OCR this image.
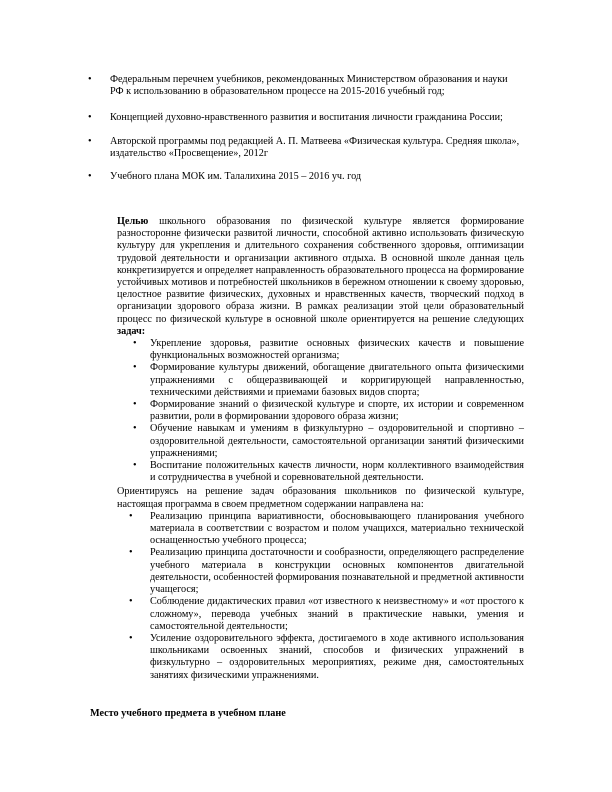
• Федеральным перечнем учебников, рекомендованных Министерством образования и науки РФ к использованию в образовательном процессе на 2015-2016 учебный год;
• Концепцией духовно-нравственного развития и воспитания личности гражданина России;
• Авторской программы под редакцией А. П. Матвеева «Физическая культура. Средняя школа», издательство «Просвещение», 2012г
• Учебного плана МОК им. Талалихина 2015 – 2016 уч. год

Целью школьного образования по физической культуре является формирование разносторонне физически развитой личности, способной активно использовать физическую культуру для укрепления и длительного сохранения собственного здоровья, оптимизации трудовой деятельности и организации активного отдыха. В основной школе данная цель конкретизируется и определяет направленность образовательного процесса на формирование устойчивых мотивов и потребностей школьников в бережном отношении к своему здоровью, целостное развитие физических, духовных и нравственных качеств, творческий подход в организации здорового образа жизни. В рамках реализации этой цели образовательный процесс по физической культуре в основной школе ориентируется на решение следующих задач:

• Укрепление здоровья, развитие основных физических качеств и повышение функциональных возможностей организма;
• Формирование культуры движений, обогащение двигательного опыта физическими упражнениями с общеразвивающей и корригирующей направленностью, техническими действиями и приемами базовых видов спорта;
• Формирование знаний о физической культуре и спорте, их истории и современном развитии, роли в формировании здорового образа жизни;
• Обучение навыкам и умениям в физкультурно – оздоровительной и спортивно – оздоровительной деятельности, самостоятельной организации занятий физическими упражнениями;
• Воспитание положительных качеств личности, норм коллективного взаимодействия и сотрудничества в учебной и соревновательной деятельности.

Ориентируясь на решение задач образования школьников по физической культуре, настоящая программа в своем предметном содержании направлена на:

• Реализацию принципа вариативности, обосновывающего планирования учебного материала в соответствии с возрастом и полом учащихся, материально технической оснащенностью учебного процесса;
• Реализацию принципа достаточности и сообразности, определяющего распределение учебного материала в конструкции основных компонентов двигательной деятельности, особенностей формирования познавательной и предметной активности учащегося;
• Соблюдение дидактических правил «от известного к неизвестному» и «от простого к сложному», перевода учебных знаний в практические навыки, умения и самостоятельной деятельности;
• Усиление оздоровительного эффекта, достигаемого в ходе активного использования школьниками освоенных знаний, способов и физических упражнений в физкультурно – оздоровительных мероприятиях, режиме дня, самостоятельных занятиях физическими упражнениями.
Место учебного предмета в учебном плане
